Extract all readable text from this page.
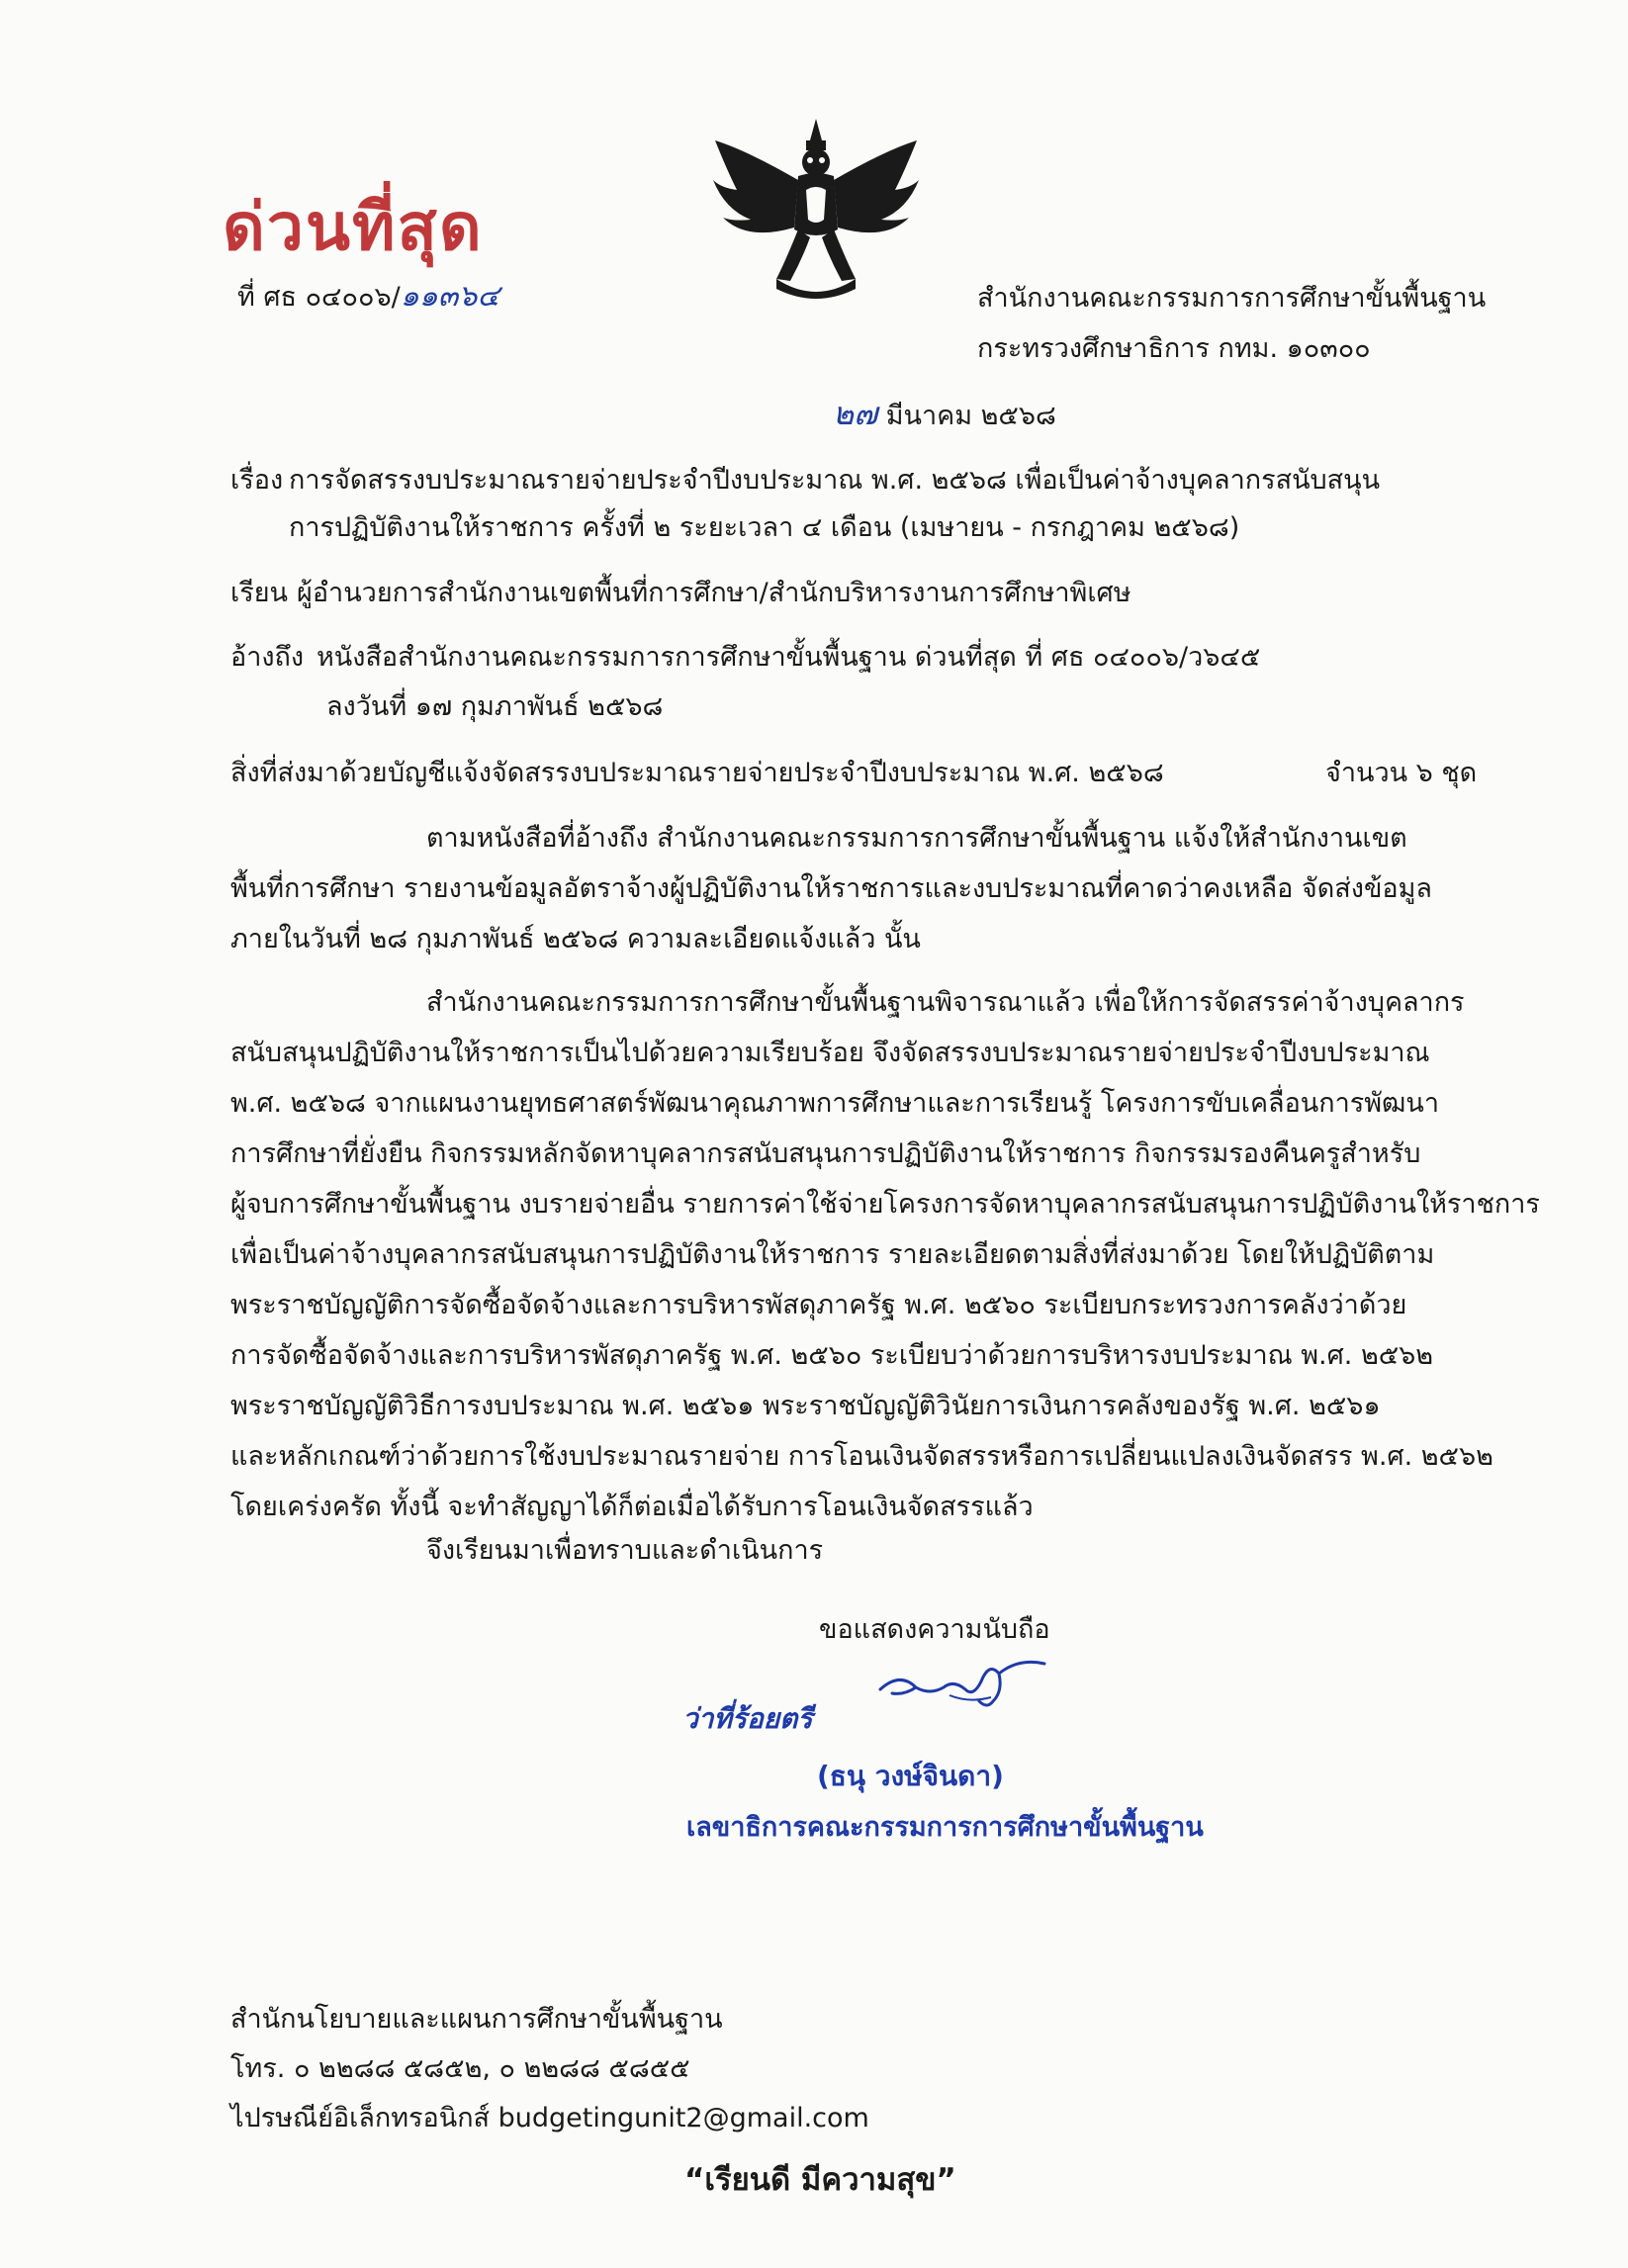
ด่วนที่สุด
ที่ ศธ ๐๔๐๐๖/๑๑๓๖๔	สำนักงานคณะกรรมการการศึกษาขั้นพื้นฐาน
กระทรวงศึกษาธิการ กทม. ๑๐๓๐๐
๒๗ มีนาคม ๒๕๖๘
เรื่อง การจัดสรรงบประมาณรายจ่ายประจำปีงบประมาณ พ.ศ. ๒๕๖๘ เพื่อเป็นค่าจ้างบุคลากรสนับสนุน
การปฏิบัติงานให้ราชการ ครั้งที่ ๒ ระยะเวลา ๔ เดือน (เมษายน - กรกฎาคม ๒๕๖๘)
เรียน ผู้อำนวยการสำนักงานเขตพื้นที่การศึกษา/สำนักบริหารงานการศึกษาพิเศษ
อ้างถึง หนังสือสำนักงานคณะกรรมการการศึกษาขั้นพื้นฐาน ด่วนที่สุด ที่ ศธ ๐๔๐๐๖/ว๖๔๕
ลงวันที่ ๑๗ กุมภาพันธ์ ๒๕๖๘
สิ่งที่ส่งมาด้วย บัญชีแจ้งจัดสรรงบประมาณรายจ่ายประจำปีงบประมาณ พ.ศ. ๒๕๖๘	จำนวน ๖ ชุด
ตามหนังสือที่อ้างถึง สำนักงานคณะกรรมการการศึกษาขั้นพื้นฐาน แจ้งให้สำนักงานเขต
พื้นที่การศึกษา รายงานข้อมูลอัตราจ้างผู้ปฏิบัติงานให้ราชการและงบประมาณที่คาดว่าคงเหลือ จัดส่งข้อมูล
ภายในวันที่ ๒๘ กุมภาพันธ์ ๒๕๖๘ ความละเอียดแจ้งแล้ว นั้น
สำนักงานคณะกรรมการการศึกษาขั้นพื้นฐานพิจารณาแล้ว เพื่อให้การจัดสรรค่าจ้างบุคลากร
สนับสนุนปฏิบัติงานให้ราชการเป็นไปด้วยความเรียบร้อย จึงจัดสรรงบประมาณรายจ่ายประจำปีงบประมาณ
พ.ศ. ๒๕๖๘ จากแผนงานยุทธศาสตร์พัฒนาคุณภาพการศึกษาและการเรียนรู้ โครงการขับเคลื่อนการพัฒนา
การศึกษาที่ยั่งยืน กิจกรรมหลักจัดหาบุคลากรสนับสนุนการปฏิบัติงานให้ราชการ กิจกรรมรองคืนครูสำหรับ
ผู้จบการศึกษาขั้นพื้นฐาน งบรายจ่ายอื่น รายการค่าใช้จ่ายโครงการจัดหาบุคลากรสนับสนุนการปฏิบัติงานให้ราชการ
เพื่อเป็นค่าจ้างบุคลากรสนับสนุนการปฏิบัติงานให้ราชการ รายละเอียดตามสิ่งที่ส่งมาด้วย โดยให้ปฏิบัติตาม
พระราชบัญญัติการจัดซื้อจัดจ้างและการบริหารพัสดุภาครัฐ พ.ศ. ๒๕๖๐ ระเบียบกระทรวงการคลังว่าด้วย
การจัดซื้อจัดจ้างและการบริหารพัสดุภาครัฐ พ.ศ. ๒๕๖๐ ระเบียบว่าด้วยการบริหารงบประมาณ พ.ศ. ๒๕๖๒
พระราชบัญญัติวิธีการงบประมาณ พ.ศ. ๒๕๖๑ พระราชบัญญัติวินัยการเงินการคลังของรัฐ พ.ศ. ๒๕๖๑
และหลักเกณฑ์ว่าด้วยการใช้งบประมาณรายจ่าย การโอนเงินจัดสรรหรือการเปลี่ยนแปลงเงินจัดสรร พ.ศ. ๒๕๖๒
โดยเคร่งครัด ทั้งนี้ จะทำสัญญาได้ก็ต่อเมื่อได้รับการโอนเงินจัดสรรแล้ว
จึงเรียนมาเพื่อทราบและดำเนินการ
ขอแสดงความนับถือ
ว่าที่ร้อยตรี
(ธนุ วงษ์จินดา)
เลขาธิการคณะกรรมการการศึกษาขั้นพื้นฐาน
สำนักนโยบายและแผนการศึกษาขั้นพื้นฐาน
โทร. ๐ ๒๒๘๘ ๕๘๕๒, ๐ ๒๒๘๘ ๕๘๕๕
ไปรษณีย์อิเล็กทรอนิกส์ budgetingunit2@gmail.com
“เรียนดี มีความสุข”
